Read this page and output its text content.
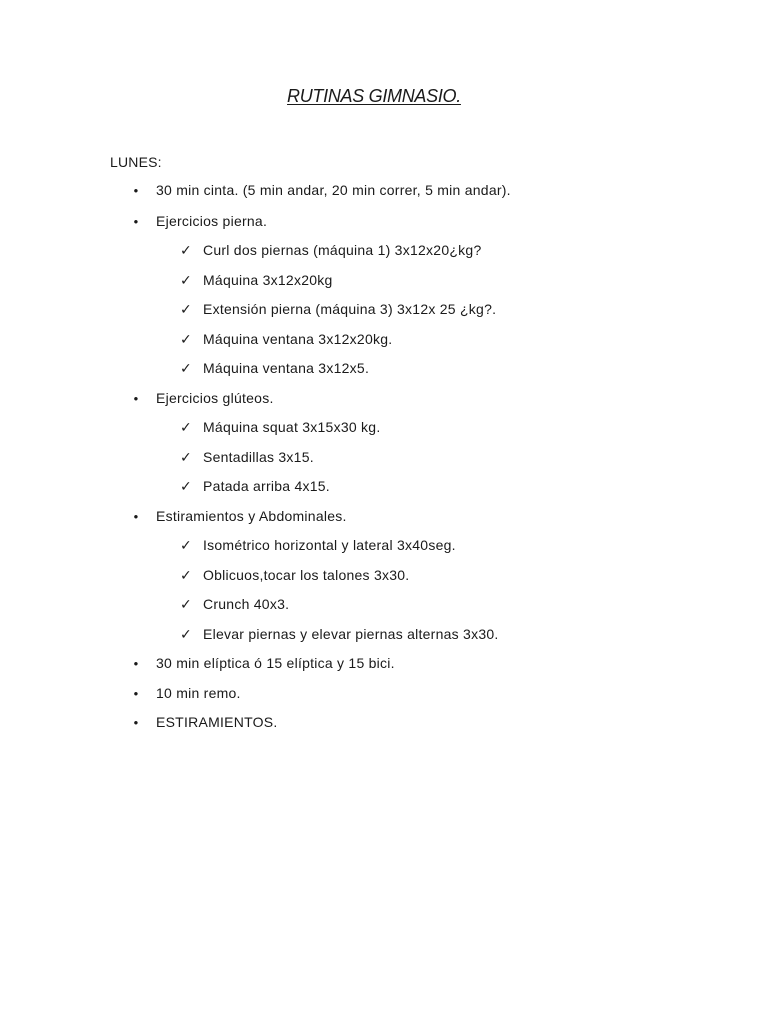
RUTINAS GIMNASIO.
LUNES:
•	30 min cinta. (5 min andar, 20 min correr, 5 min andar).
•	Ejercicios pierna.
✓ Curl dos piernas (máquina 1) 3x12x20¿kg?
✓ Máquina 3x12x20kg
✓ Extensión pierna (máquina 3) 3x12x 25 ¿kg?.
✓ Máquina ventana 3x12x20kg.
✓ Máquina ventana 3x12x5.
•	Ejercicios glúteos.
✓ Máquina squat 3x15x30 kg.
✓ Sentadillas 3x15.
✓ Patada arriba 4x15.
•	Estiramientos y Abdominales.
✓ Isométrico horizontal y lateral 3x40seg.
✓ Oblicuos,tocar los talones 3x30.
✓ Crunch 40x3.
✓ Elevar piernas y elevar piernas alternas 3x30.
•	30 min elíptica ó 15 elíptica y 15 bici.
•	10 min remo.
•	ESTIRAMIENTOS.
